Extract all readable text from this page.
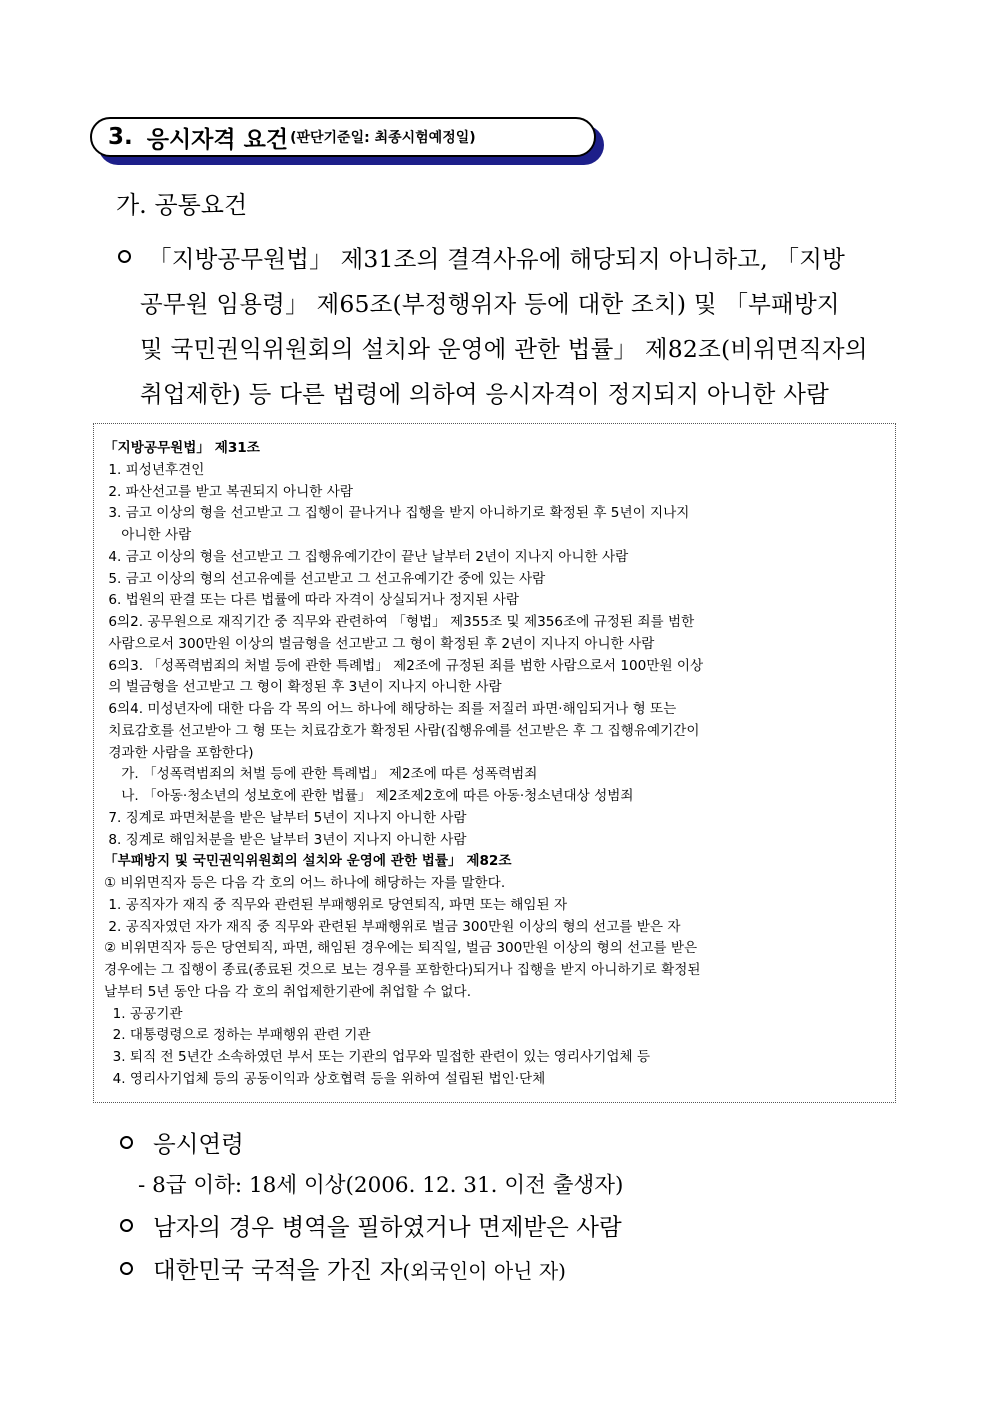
3. 응시자격 요건 (판단기준일: 최종시험예정일)
가. 공통요건
「지방공무원법」 제31조의 결격사유에 해당되지 아니하고, 「지방
공무원 임용령」 제65조(부정행위자 등에 대한 조치) 및 「부패방지
및 국민권익위원회의 설치와 운영에 관한 법률」 제82조(비위면직자의
취업제한) 등 다른 법령에 의하여 응시자격이 정지되지 아니한 사람
「지방공무원법」 제31조
1. 피성년후견인
2. 파산선고를 받고 복권되지 아니한 사람
3. 금고 이상의 형을 선고받고 그 집행이 끝나거나 집행을 받지 아니하기로 확정된 후 5년이 지나지
아니한 사람
4. 금고 이상의 형을 선고받고 그 집행유예기간이 끝난 날부터 2년이 지나지 아니한 사람
5. 금고 이상의 형의 선고유예를 선고받고 그 선고유예기간 중에 있는 사람
6. 법원의 판결 또는 다른 법률에 따라 자격이 상실되거나 정지된 사람
6의2. 공무원으로 재직기간 중 직무와 관련하여 「형법」 제355조 및 제356조에 규정된 죄를 범한
사람으로서 300만원 이상의 벌금형을 선고받고 그 형이 확정된 후 2년이 지나지 아니한 사람
6의3. 「성폭력범죄의 처벌 등에 관한 특례법」 제2조에 규정된 죄를 범한 사람으로서 100만원 이상
의 벌금형을 선고받고 그 형이 확정된 후 3년이 지나지 아니한 사람
6의4. 미성년자에 대한 다음 각 목의 어느 하나에 해당하는 죄를 저질러 파면·해임되거나 형 또는
치료감호를 선고받아 그 형 또는 치료감호가 확정된 사람(집행유예를 선고받은 후 그 집행유예기간이
경과한 사람을 포함한다)
가. 「성폭력범죄의 처벌 등에 관한 특례법」 제2조에 따른 성폭력범죄
나. 「아동·청소년의 성보호에 관한 법률」 제2조제2호에 따른 아동·청소년대상 성범죄
7. 징계로 파면처분을 받은 날부터 5년이 지나지 아니한 사람
8. 징계로 해임처분을 받은 날부터 3년이 지나지 아니한 사람
「부패방지 및 국민권익위원회의 설치와 운영에 관한 법률」 제82조
① 비위면직자 등은 다음 각 호의 어느 하나에 해당하는 자를 말한다.
1. 공직자가 재직 중 직무와 관련된 부패행위로 당연퇴직, 파면 또는 해임된 자
2. 공직자였던 자가 재직 중 직무와 관련된 부패행위로 벌금 300만원 이상의 형의 선고를 받은 자
② 비위면직자 등은 당연퇴직, 파면, 해임된 경우에는 퇴직일, 벌금 300만원 이상의 형의 선고를 받은
경우에는 그 집행이 종료(종료된 것으로 보는 경우를 포함한다)되거나 집행을 받지 아니하기로 확정된
날부터 5년 동안 다음 각 호의 취업제한기관에 취업할 수 없다.
1. 공공기관
2. 대통령령으로 정하는 부패행위 관련 기관
3. 퇴직 전 5년간 소속하였던 부서 또는 기관의 업무와 밀접한 관련이 있는 영리사기업체 등
4. 영리사기업체 등의 공동이익과 상호협력 등을 위하여 설립된 법인·단체
응시연령
- 8급 이하: 18세 이상(2006. 12. 31. 이전 출생자)
남자의 경우 병역을 필하였거나 면제받은 사람
대한민국 국적을 가진 자(외국인이 아닌 자)
